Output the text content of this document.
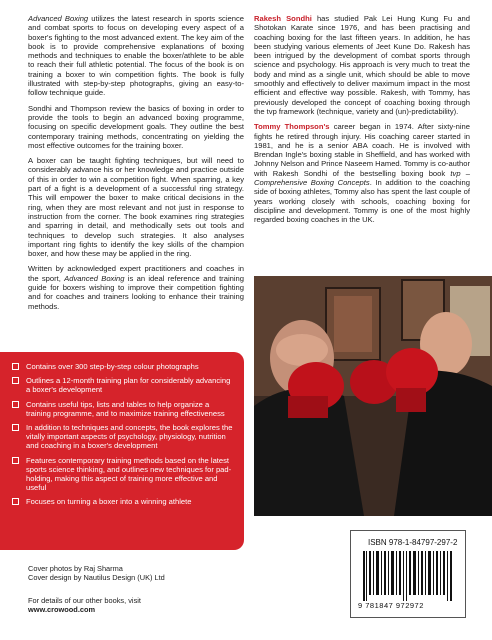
Advanced Boxing utilizes the latest research in sports science and combat sports to focus on developing every aspect of a boxer's fighting to the most advanced extent. The key aim of the book is to provide comprehensive explanations of boxing methods and techniques to enable the boxer/athlete to be able to reach their full athletic potential. The focus of the book is on training a boxer to win competition fights. The book is fully illustrated with step-by-step photographs, giving an easy-to-follow technique guide.

Sondhi and Thompson review the basics of boxing in order to provide the tools to begin an advanced boxing programme, focusing on specific development goals. They outline the best contemporary training methods, concentrating on yielding the most effective outcomes for the training boxer.

A boxer can be taught fighting techniques, but will need to considerably advance his or her knowledge and practice outside of this in order to win a competition fight. When sparring, a key part of a fight is a development of a successful ring strategy. This will empower the boxer to make critical decisions in the ring, when they are most relevant and not just in response to instruction from the corner. The book examines ring strategies and sparring in detail, and methodically sets out tools and techniques to develop such strategies. It also analyses important ring fights to identify the key skills of the champion boxer, and how these may be applied in the ring.

Written by acknowledged expert practitioners and coaches in the sport, Advanced Boxing is an ideal reference and training guide for boxers wishing to improve their competition fighting and for coaches and trainers looking to enhance their training methods.

Rakesh Sondhi has studied Pak Lei Hung Kung Fu and Shotokan Karate since 1976, and has been practising and coaching boxing for the last fifteen years. In addition, he has been studying various elements of Jeet Kune Do. Rakesh has been intrigued by the development of combat sports through science and psychology. His approach is very much to treat the body and mind as a single unit, which should be able to move smoothly and effectively to deliver maximum impact in the most efficient and effective way possible. Rakesh, with Tommy, has previously developed the concept of coaching boxing through the tvp framework (technique, variety and (un)-predictability).

Tommy Thompson's career began in 1974. After sixty-nine fights he retired through injury. His coaching career started in 1981, and he is a senior ABA coach. He is involved with Brendan Ingle's boxing stable in Sheffield, and has worked with Johnny Nelson and Prince Naseem Hamed. Tommy is co-author with Rakesh Sondhi of the bestselling boxing book tvp – Comprehensive Boxing Concepts. In addition to the coaching side of boxing athletes, Tommy also has spent the last couple of years working closely with schools, coaching boxing for discipline and development. Tommy is one of the most highly regarded boxing coaches in the UK.

Contains over 300 step-by-step colour photographs
Outlines a 12-month training plan for considerably advancing a boxer's development
Contains useful tips, lists and tables to help organize a training programme, and to maximize training effectiveness
In addition to techniques and concepts, the book explores the vitally important aspects of psychology, physiology, nutrition and coaching in a boxer's development
Features contemporary training methods based on the latest sports science thinking, and outlines new techniques for pad-holding, making this aspect of training more effective and useful
Focuses on turning a boxer into a winning athlete
Cover photos by Raj Sharma
Cover design by Nautilus Design (UK) Ltd
For details of our other books, visit
www.crowood.com
ISBN 978-1-84797-297-2
9 781847 972972
